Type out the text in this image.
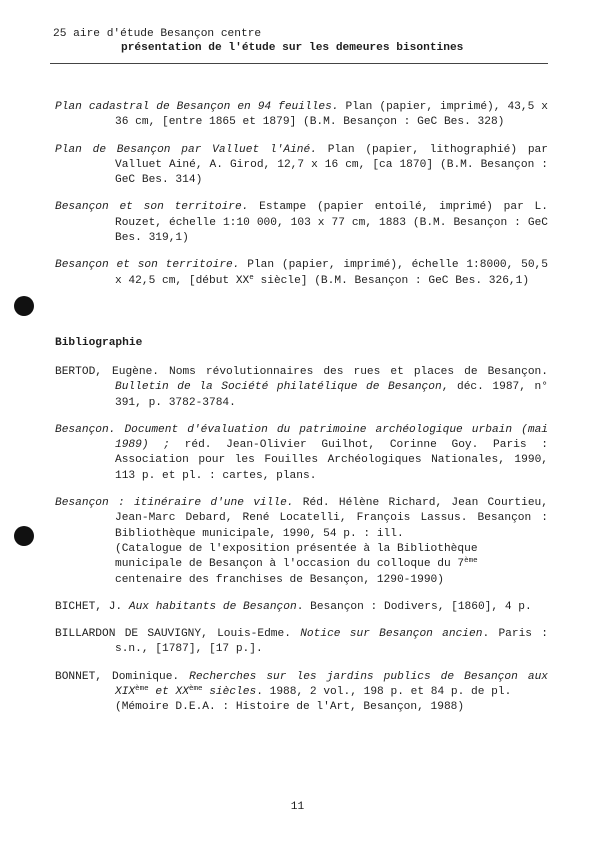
25 aire d'étude Besançon centre
présentation de l'étude sur les demeures bisontines
Plan cadastral de Besançon en 94 feuilles. Plan (papier, imprimé), 43,5 x 36 cm, [entre 1865 et 1879] (B.M. Besançon : GeC Bes. 328)
Plan de Besançon par Valluet l'Ainé. Plan (papier, lithographié) par Valluet Ainé, A. Girod, 12,7 x 16 cm, [ca 1870] (B.M. Besançon : GeC Bes. 314)
Besançon et son territoire. Estampe (papier entoilé, imprimé) par L. Rouzet, échelle 1:10 000, 103 x 77 cm, 1883 (B.M. Besançon : GeC Bes. 319,1)
Besançon et son territoire. Plan (papier, imprimé), échelle 1:8000, 50,5 x 42,5 cm, [début XXe siècle] (B.M. Besançon : GeC Bes. 326,1)
Bibliographie
BERTOD, Eugène. Noms révolutionnaires des rues et places de Besançon. Bulletin de la Société philatélique de Besançon, déc. 1987, n° 391, p. 3782-3784.
Besançon. Document d'évaluation du patrimoine archéologique urbain (mai 1989) ; réd. Jean-Olivier Guilhot, Corinne Goy. Paris : Association pour les Fouilles Archéologiques Nationales, 1990, 113 p. et pl. : cartes, plans.
Besançon : itinéraire d'une ville. Réd. Hélène Richard, Jean Courtieu, Jean-Marc Debard, René Locatelli, François Lassus. Besançon : Bibliothèque municipale, 1990, 54 p. : ill.
(Catalogue de l'exposition présentée à la Bibliothèque municipale de Besançon à l'occasion du colloque du 7ème centenaire des franchises de Besançon, 1290-1990)
BICHET, J. Aux habitants de Besançon. Besançon : Dodivers, [1860], 4 p.
BILLARDON DE SAUVIGNY, Louis-Edme. Notice sur Besançon ancien. Paris : s.n., [1787], [17 p.].
BONNET, Dominique. Recherches sur les jardins publics de Besançon aux XIXème et XXème siècles. 1988, 2 vol., 198 p. et 84 p. de pl.
(Mémoire D.E.A. : Histoire de l'Art, Besançon, 1988)
11
